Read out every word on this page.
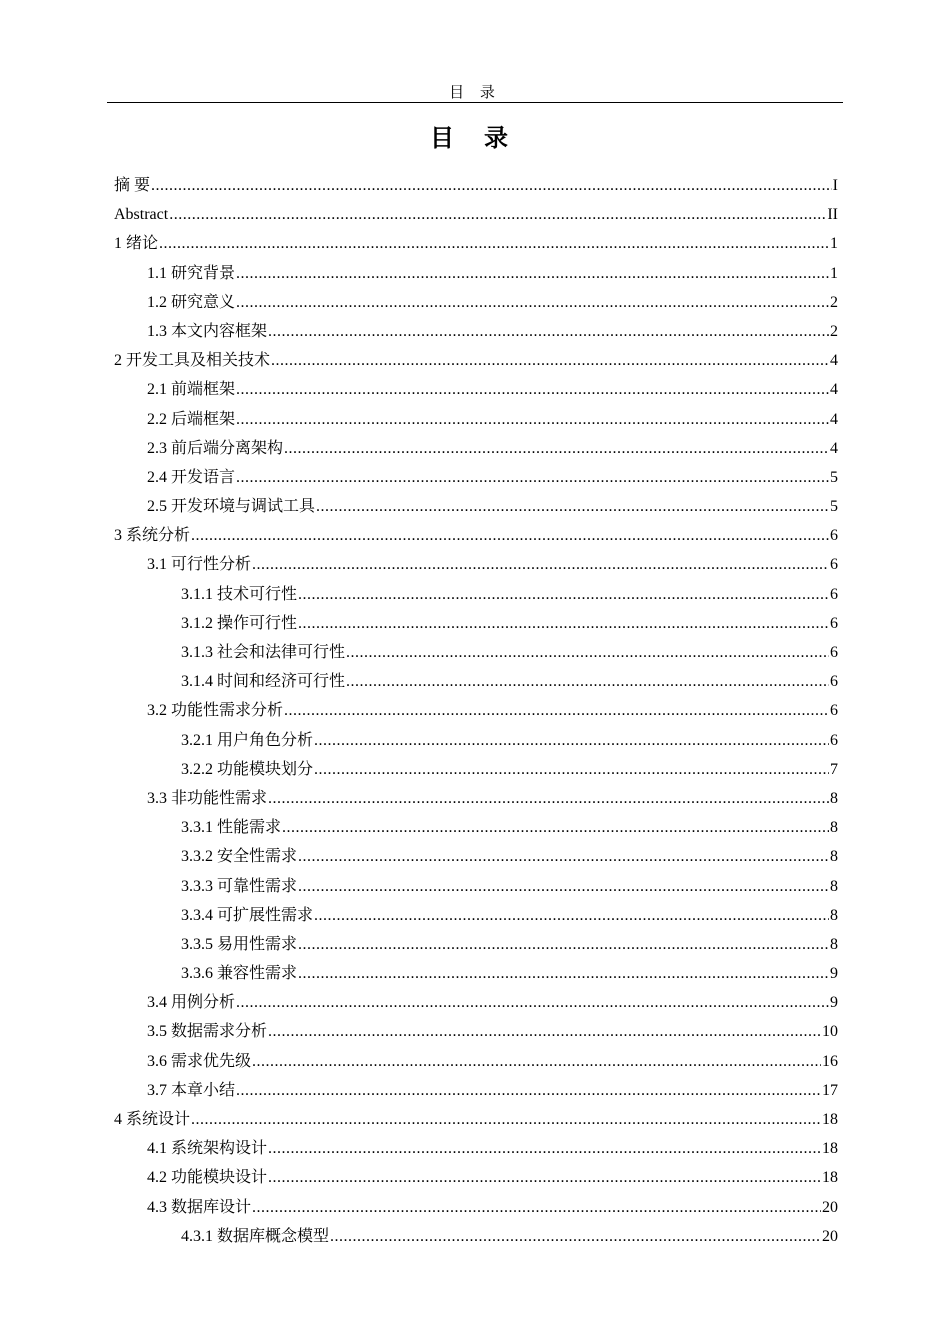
目 录
目 录
摘 要 .....	I
Abstract .....	II
1 绪论 .....	1
1.1 研究背景 .....	1
1.2 研究意义 .....	2
1.3 本文内容框架 .....	2
2 开发工具及相关技术 .....	4
2.1 前端框架 .....	4
2.2 后端框架 .....	4
2.3 前后端分离架构 .....	4
2.4 开发语言 .....	5
2.5 开发环境与调试工具 .....	5
3 系统分析 .....	6
3.1 可行性分析 .....	6
3.1.1 技术可行性 .....	6
3.1.2 操作可行性 .....	6
3.1.3 社会和法律可行性 .....	6
3.1.4 时间和经济可行性 .....	6
3.2 功能性需求分析 .....	6
3.2.1 用户角色分析 .....	6
3.2.2 功能模块划分 .....	7
3.3 非功能性需求 .....	8
3.3.1 性能需求 .....	8
3.3.2 安全性需求 .....	8
3.3.3 可靠性需求 .....	8
3.3.4 可扩展性需求 .....	8
3.3.5 易用性需求 .....	8
3.3.6 兼容性需求 .....	9
3.4 用例分析 .....	9
3.5 数据需求分析 .....	10
3.6 需求优先级 .....	16
3.7 本章小结 .....	17
4 系统设计 .....	18
4.1 系统架构设计 .....	18
4.2 功能模块设计 .....	18
4.3 数据库设计 .....	20
4.3.1 数据库概念模型 .....	20
